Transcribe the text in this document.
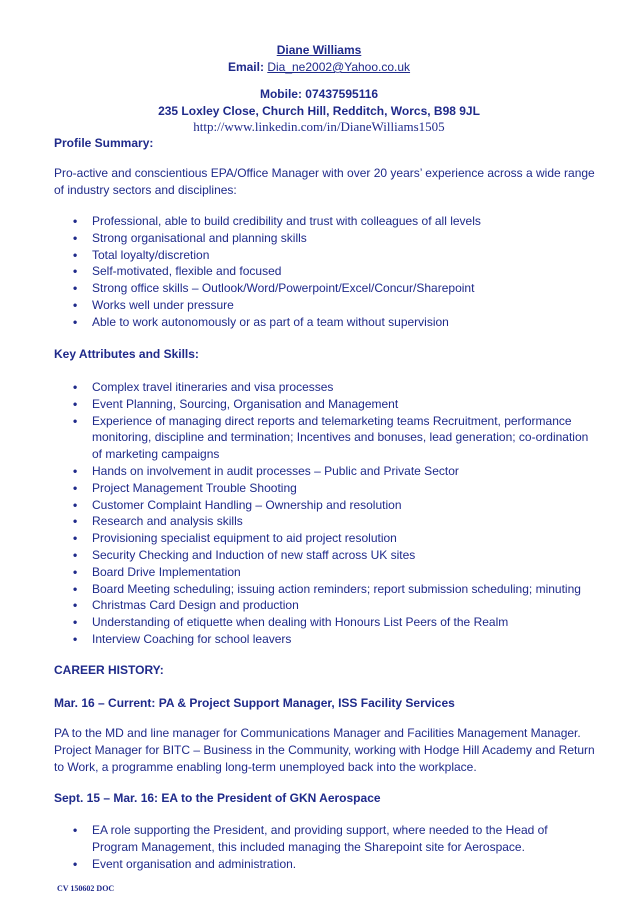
Diane Williams
Email: Dia_ne2002@Yahoo.co.uk
Mobile: 07437595116
235 Loxley Close, Church Hill, Redditch, Worcs, B98 9JL
http://www.linkedin.com/in/DianeWilliams1505
Profile Summary:
Pro-active and conscientious EPA/Office Manager with over 20 years’ experience across a wide range
of industry sectors and disciplines:
• Professional, able to build credibility and trust with colleagues of all levels
• Strong organisational and planning skills
• Total loyalty/discretion
• Self-motivated, flexible and focused
• Strong office skills – Outlook/Word/Powerpoint/Excel/Concur/Sharepoint
• Works well under pressure
• Able to work autonomously or as part of a team without supervision
Key Attributes and Skills:
• Complex travel itineraries and visa processes
• Event Planning, Sourcing, Organisation and Management
• Experience of managing direct reports and telemarketing teams Recruitment, performance
monitoring, discipline and termination; Incentives and bonuses, lead generation; co-ordination
of marketing campaigns
• Hands on involvement in audit processes – Public and Private Sector
• Project Management Trouble Shooting
• Customer Complaint Handling – Ownership and resolution
• Research and analysis skills
• Provisioning specialist equipment to aid project resolution
• Security Checking and Induction of new staff across UK sites
• Board Drive Implementation
• Board Meeting scheduling; issuing action reminders; report submission scheduling; minuting
• Christmas Card Design and production
• Understanding of etiquette when dealing with Honours List Peers of the Realm
• Interview Coaching for school leavers
CAREER HISTORY:
Mar. 16 – Current: PA & Project Support Manager, ISS Facility Services
PA to the MD and line manager for Communications Manager and Facilities Management Manager.
Project Manager for BITC – Business in the Community, working with Hodge Hill Academy and Return
to Work, a programme enabling long-term unemployed back into the workplace.
Sept. 15 – Mar. 16: EA to the President of GKN Aerospace
• EA role supporting the President, and providing support, where needed to the Head of
Program Management, this included managing the Sharepoint site for Aerospace.
• Event organisation and administration.
CV 150602 DOC
